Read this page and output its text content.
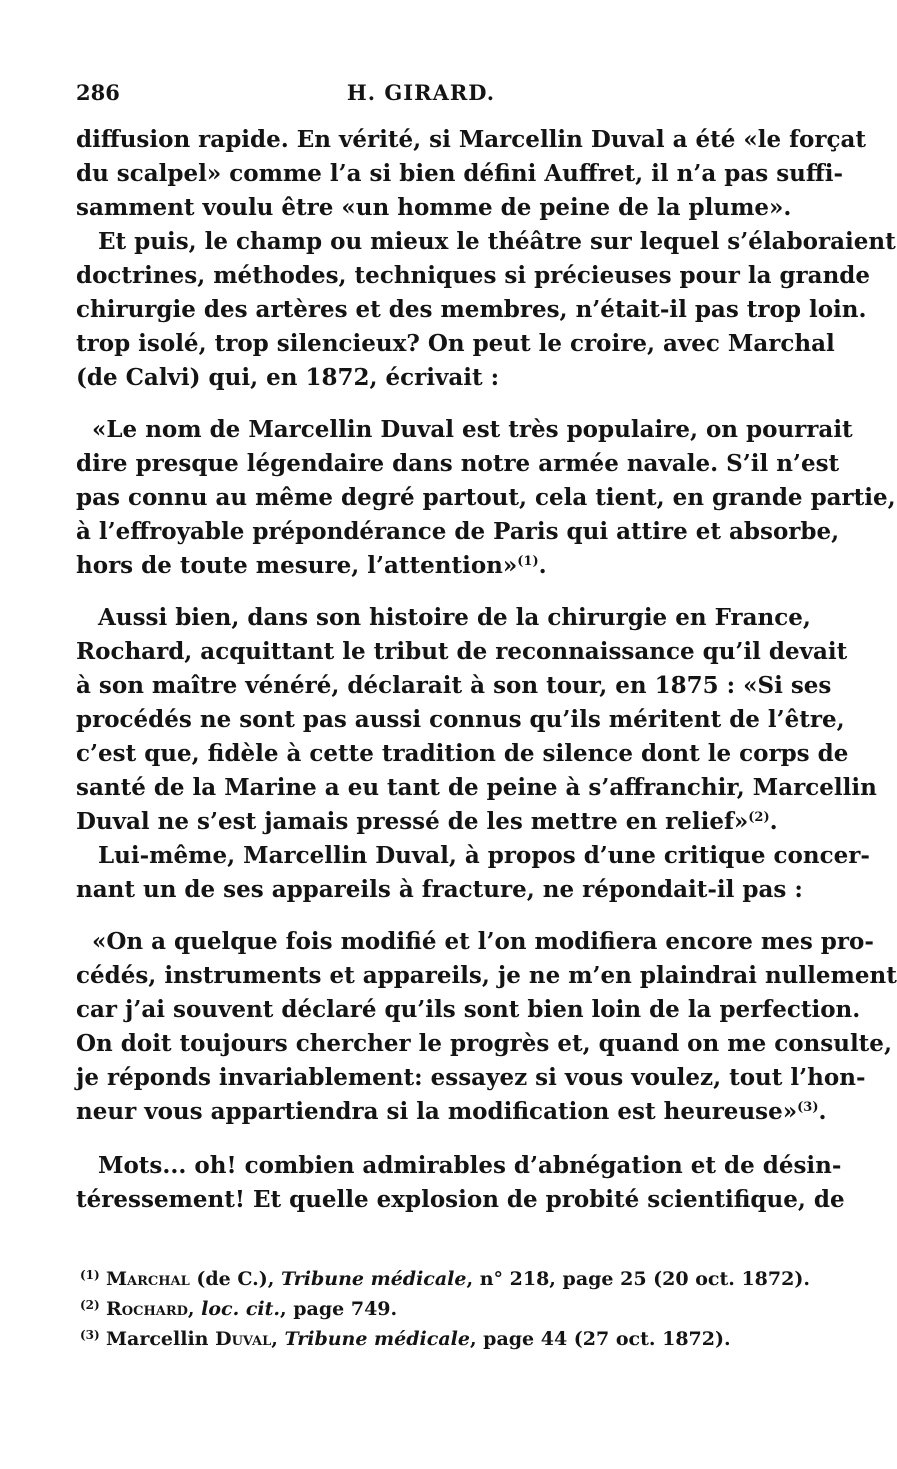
286	H. GIRARD.
diffusion rapide. En vérité, si Marcellin Duval a été «le forçat
du scalpel» comme l’a si bien défini Auffret, il n’a pas suffi-
samment voulu être «un homme de peine de la plume».
Et puis, le champ ou mieux le théâtre sur lequel s’élaboraient
doctrines, méthodes, techniques si précieuses pour la grande
chirurgie des artères et des membres, n’était-il pas trop loin.
trop isolé, trop silencieux? On peut le croire, avec Marchal
(de Calvi) qui, en 1872, écrivait :
«Le nom de Marcellin Duval est très populaire, on pourrait
dire presque légendaire dans notre armée navale. S’il n’est
pas connu au même degré partout, cela tient, en grande partie,
à l’effroyable prépondérance de Paris qui attire et absorbe,
hors de toute mesure, l’attention»$^{(1)}$.
Aussi bien, dans son histoire de la chirurgie en France,
Rochard, acquittant le tribut de reconnaissance qu’il devait
à son maître vénéré, déclarait à son tour, en 1875 : «Si ses
procédés ne sont pas aussi connus qu’ils méritent de l’être,
c’est que, fidèle à cette tradition de silence dont le corps de
santé de la Marine a eu tant de peine à s’affranchir, Marcellin
Duval ne s’est jamais pressé de les mettre en relief»$^{(2)}$.
Lui-même, Marcellin Duval, à propos d’une critique concer-
nant un de ses appareils à fracture, ne répondait-il pas :
«On a quelque fois modifié et l’on modifiera encore mes pro-
cédés, instruments et appareils, je ne m’en plaindrai nullement
car j’ai souvent déclaré qu’ils sont bien loin de la perfection.
On doit toujours chercher le progrès et, quand on me consulte,
je réponds invariablement: essayez si vous voulez, tout l’hon-
neur vous appartiendra si la modification est heureuse»$^{(3)}$.
Mots... oh! combien admirables d’abnégation et de désin-
téressement! Et quelle explosion de probité scientifique, de
(1) Marchal (de C.), Tribune médicale, n° 218, page 25 (20 oct. 1872).
(2) Rochard, loc. cit., page 749.
(3) Marcellin Duval, Tribune médicale, page 44 (27 oct. 1872).
